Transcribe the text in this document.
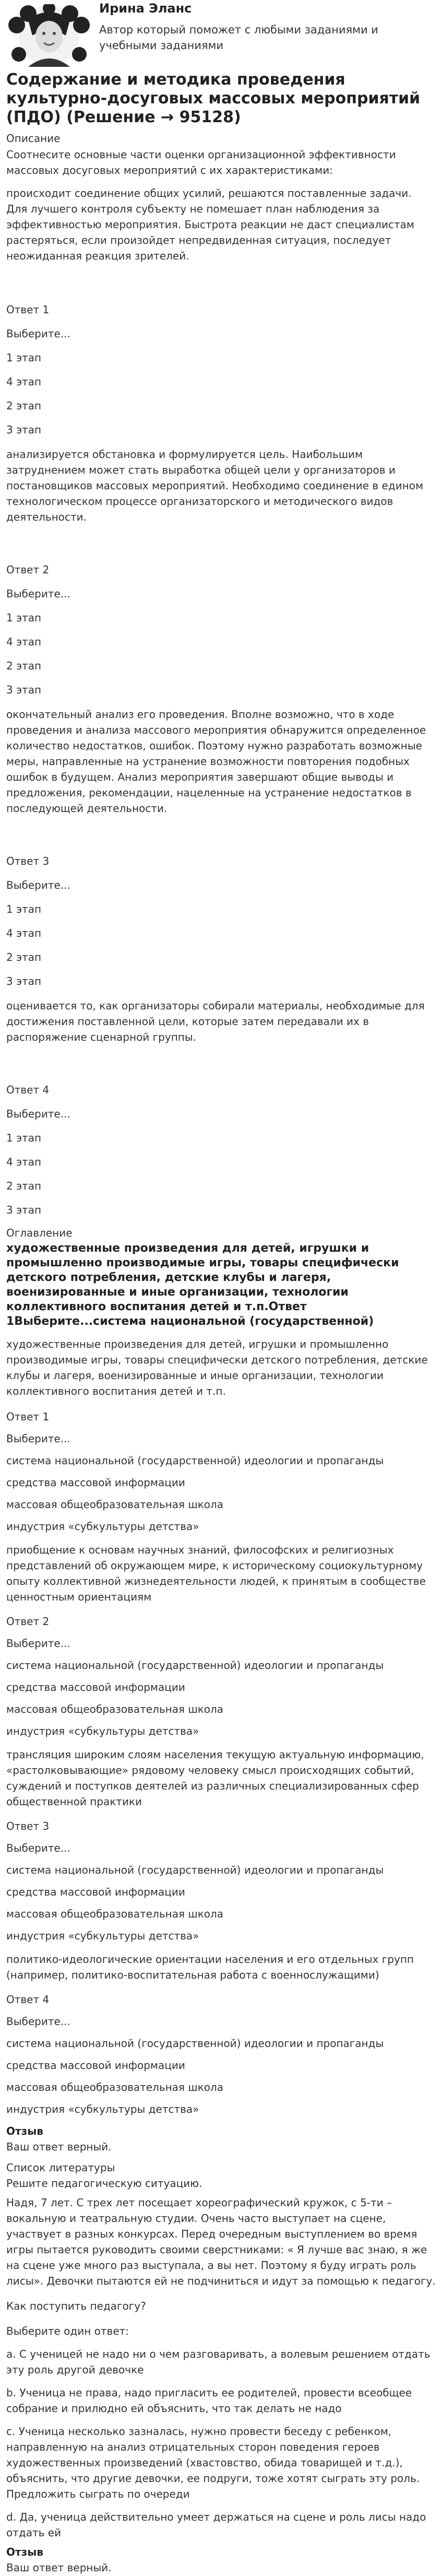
Ирина Эланс
Автор который поможет с любыми заданиями и учебными заданиями
Содержание и методика проведения культурно-досуговых массовых мероприятий (ПДО) (Решение → 95128)
Описание

Соотнесите основные части оценки организационной эффективности массовых досуговых мероприятий с их характеристиками:

происходит соединение общих усилий, решаются поставленные задачи. Для лучшего контроля субъекту не помешает план наблюдения за эффективностью мероприятия. Быстрота реакции не даст специалистам растеряться, если произойдет непредвиденная ситуация, последует неожиданная реакция зрителей.

Ответ 1
Выберите...
1 этап
4 этап
2 этап
3 этап

анализируется обстановка и формулируется цель. Наибольшим затруднением может стать выработка общей цели у организаторов и постановщиков массовых мероприятий. Необходимо соединение в едином технологическом процессе организаторского и методического видов деятельности.

Ответ 2
Выберите...
1 этап
4 этап
2 этап
3 этап

окончательный анализ его проведения. Вполне возможно, что в ходе проведения и анализа массового мероприятия обнаружится определенное количество недостатков, ошибок. Поэтому нужно разработать возможные меры, направленные на устранение возможности повторения подобных ошибок в будущем. Анализ мероприятия завершают общие выводы и предложения, рекомендации, нацеленные на устранение недостатков в последующей деятельности.

Ответ 3
Выберите...
1 этап
4 этап
2 этап
3 этап

оценивается то, как организаторы собирали материалы, необходимые для достижения поставленной цели, которые затем передавали их в распоряжение сценарной группы.

Ответ 4
Выберите...
1 этап
4 этап
2 этап
3 этап
Оглавление

художественные произведения для детей, игрушки и промышленно производимые игры, товары специфически детского потребления, детские клубы и лагеря, военизированные и иные организации, технологии коллективного воспитания детей и т.п.Ответ 1Выберите...система национальной (государственной)

художественные произведения для детей, игрушки и промышленно производимые игры, товары специфически детского потребления, детские клубы и лагеря, военизированные и иные организации, технологии коллективного воспитания детей и т.п.

Ответ 1
Выберите...
система национальной (государственной) идеологии и пропаганды
средства массовой информации
массовая общеобразовательная школа
индустрия «субкультуры детства»

приобщение к основам научных знаний, философских и религиозных представлений об окружающем мире, к историческому социокультурному опыту коллективной жизнедеятельности людей, к принятым в сообществе ценностным ориентациям

Ответ 2
Выберите...
система национальной (государственной) идеологии и пропаганды
средства массовой информации
массовая общеобразовательная школа
индустрия «субкультуры детства»

трансляция широким слоям населения текущую актуальную информацию, «растолковывающие» рядовому человеку смысл происходящих событий, суждений и поступков деятелей из различных специализированных сфер общественной практики

Ответ 3
Выберите...
система национальной (государственной) идеологии и пропаганды
средства массовой информации
массовая общеобразовательная школа
индустрия «субкультуры детства»

политико-идеологические ориентации населения и его отдельных групп (например, политико-воспитательная работа с военнослужащими)

Ответ 4
Выберите...
система национальной (государственной) идеологии и пропаганды
средства массовой информации
массовая общеобразовательная школа
индустрия «субкультуры детства»
Отзыв
Ваш ответ верный.
Список литературы
Решите педагогическую ситуацию.

Надя, 7 лет. С трех лет посещает хореографический кружок, с 5-ти – вокальную и театральную студии. Очень часто выступает на сцене, участвует в разных конкурсах. Перед очередным выступлением во время игры пытается руководить своими сверстниками: « Я лучше вас знаю, я же на сцене уже много раз выступала, а вы нет. Поэтому я буду играть роль лисы». Девочки пытаются ей не подчиниться и идут за помощью к педагогу.

Как поступить педагогу?

Выберите один ответ:

a. С ученицей не надо ни о чем разговаривать, а волевым решением отдать эту роль другой девочке

b. Ученица не права, надо пригласить ее родителей, провести всеобщее собрание и прилюдно ей объяснить, что так делать не надо

c. Ученица несколько зазналась, нужно провести беседу с ребенком, направленную на анализ отрицательных сторон поведения героев художественных произведений (хвастовство, обида товарищей и т.д.), объяснить, что другие девочки, ее подруги, тоже хотят сыграть эту роль. Предложить сыграть по очереди

d. Да, ученица действительно умеет держаться на сцене и роль лисы надо отдать ей

Отзыв
Ваш ответ верный.
